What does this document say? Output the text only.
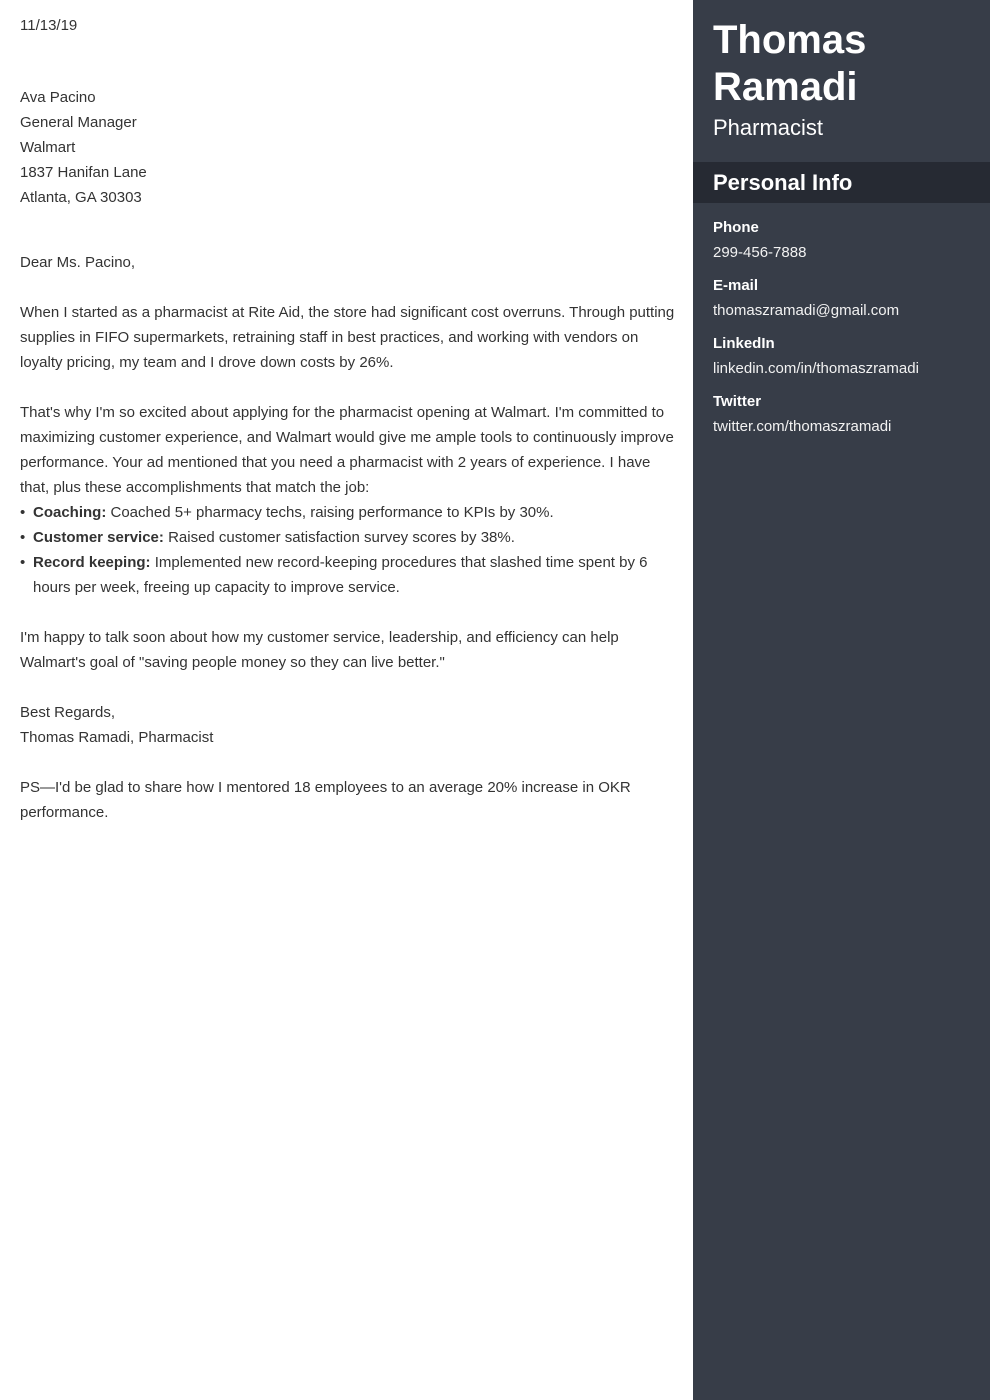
11/13/19
Ava Pacino
General Manager
Walmart
1837 Hanifan Lane
Atlanta, GA 30303
Dear Ms. Pacino,

When I started as a pharmacist at Rite Aid, the store had significant cost overruns. Through putting supplies in FIFO supermarkets, retraining staff in best practices, and working with vendors on loyalty pricing, my team and I drove down costs by 26%.

That's why I'm so excited about applying for the pharmacist opening at Walmart. I'm committed to maximizing customer experience, and Walmart would give me ample tools to continuously improve performance. Your ad mentioned that you need a pharmacist with 2 years of experience. I have that, plus these accomplishments that match the job:

• Coaching: Coached 5+ pharmacy techs, raising performance to KPIs by 30%.
• Customer service: Raised customer satisfaction survey scores by 38%.
• Record keeping: Implemented new record-keeping procedures that slashed time spent by 6 hours per week, freeing up capacity to improve service.

I'm happy to talk soon about how my customer service, leadership, and efficiency can help Walmart's goal of "saving people money so they can live better."

Best Regards,
Thomas Ramadi, Pharmacist

PS—I'd be glad to share how I mentored 18 employees to an average 20% increase in OKR performance.

Thomas
Ramadi
Pharmacist
Personal Info
Phone
299-456-7888
E-mail
thomaszramadi@gmail.com
LinkedIn
linkedin.com/in/thomaszramadi
Twitter
twitter.com/thomaszramadi
